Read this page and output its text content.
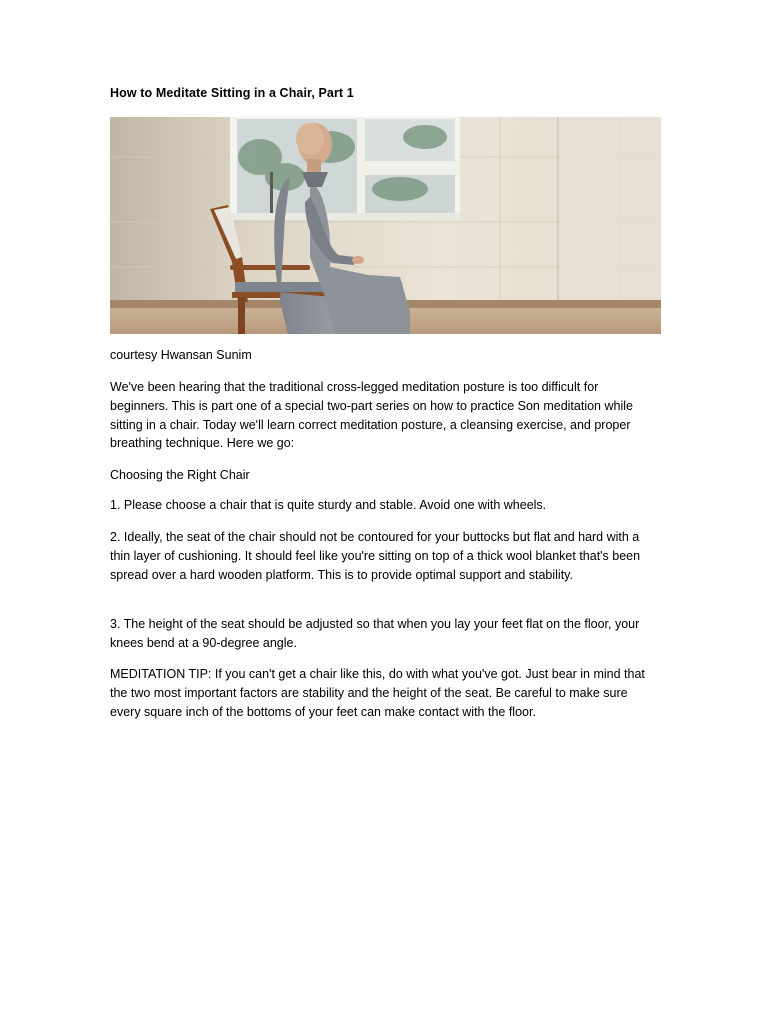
How to Meditate Sitting in a Chair, Part 1
courtesy Hwansan Sunim

We've been hearing that the traditional cross-legged meditation posture is too difficult for beginners. This is part one of a special two-part series on how to practice Son meditation while sitting in a chair. Today we'll learn correct meditation posture, a cleansing exercise, and proper breathing technique. Here we go:

Choosing the Right Chair

1. Please choose a chair that is quite sturdy and stable. Avoid one with wheels.

2. Ideally, the seat of the chair should not be contoured for your buttocks but flat and hard with a thin layer of cushioning. It should feel like you're sitting on top of a thick wool blanket that's been spread over a hard wooden platform. This is to provide optimal support and stability.

3. The height of the seat should be adjusted so that when you lay your feet flat on the floor, your knees bend at a 90-degree angle.

MEDITATION TIP: If you can't get a chair like this, do with what you've got. Just bear in mind that the two most important factors are stability and the height of the seat. Be careful to make sure every square inch of the bottoms of your feet can make contact with the floor.
